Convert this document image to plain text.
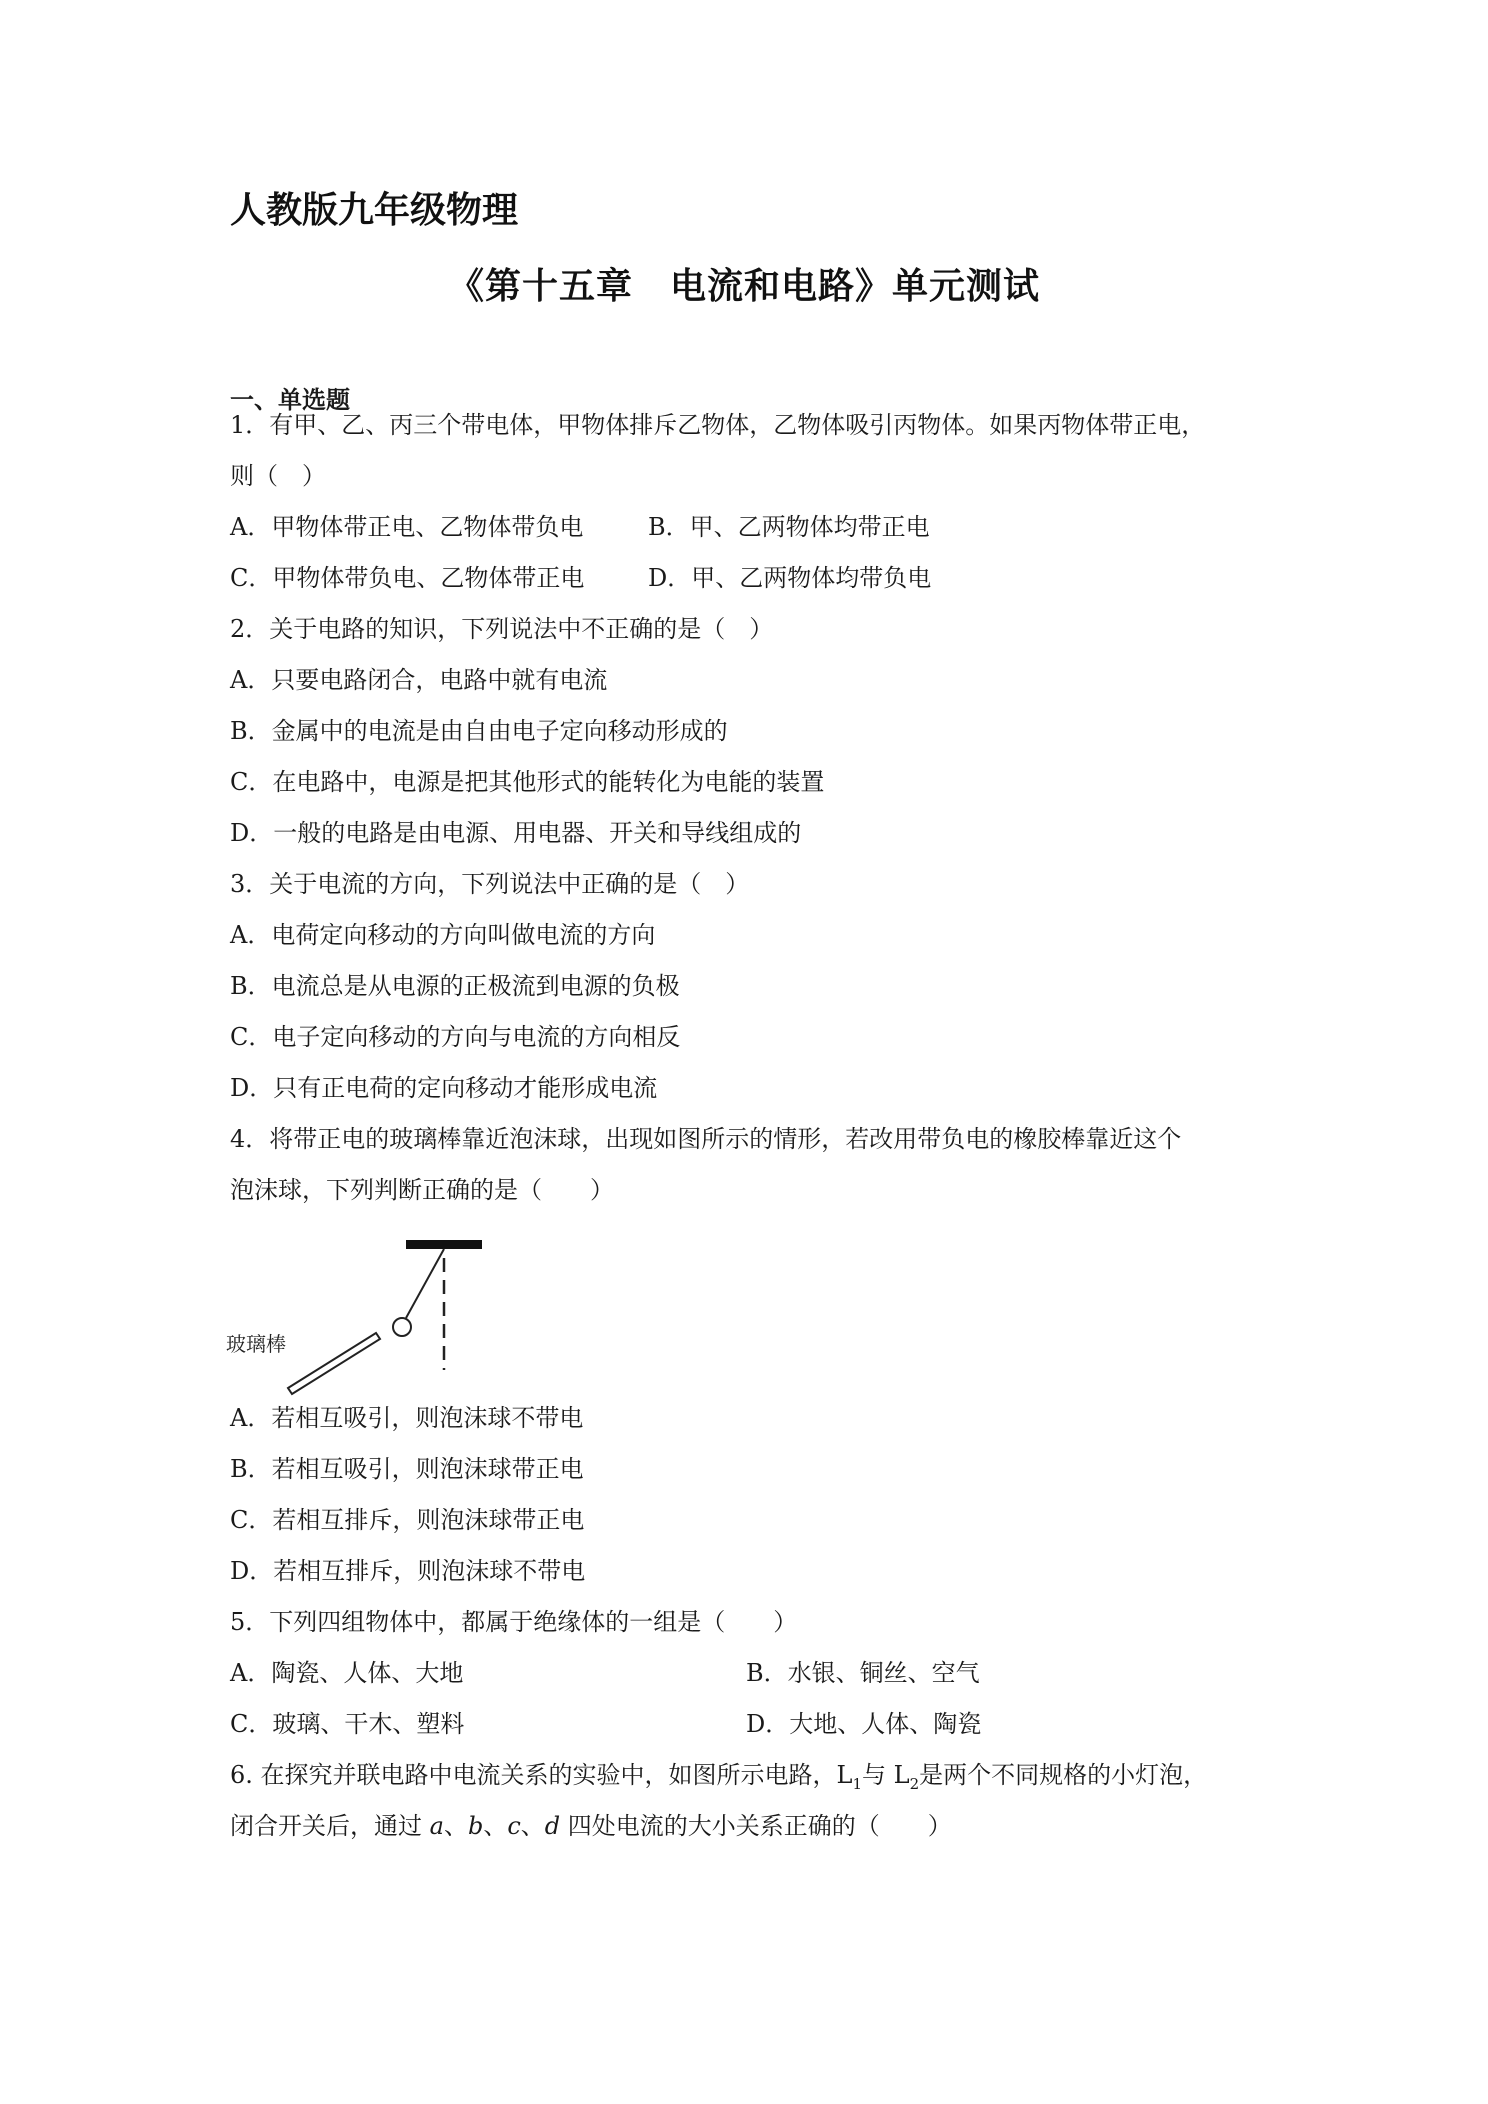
人教版九年级物理
《第十五章　电流和电路》单元测试
一、单选题
1．有甲、乙、丙三个带电体，甲物体排斥乙物体，乙物体吸引丙物体。如果丙物体带正电，
则（　）
A．甲物体带正电、乙物体带负电	B．甲、乙两物体均带正电
C．甲物体带负电、乙物体带正电	D．甲、乙两物体均带负电
2．关于电路的知识，下列说法中不正确的是（　）
A．只要电路闭合，电路中就有电流
B．金属中的电流是由自由电子定向移动形成的
C．在电路中，电源是把其他形式的能转化为电能的装置
D．一般的电路是由电源、用电器、开关和导线组成的
3．关于电流的方向，下列说法中正确的是（　）
A．电荷定向移动的方向叫做电流的方向
B．电流总是从电源的正极流到电源的负极
C．电子定向移动的方向与电流的方向相反
D．只有正电荷的定向移动才能形成电流
4．将带正电的玻璃棒靠近泡沫球，出现如图所示的情形，若改用带负电的橡胶棒靠近这个
泡沫球，下列判断正确的是（　　）
玻璃棒
A．若相互吸引，则泡沫球不带电
B．若相互吸引，则泡沫球带正电
C．若相互排斥，则泡沫球带正电
D．若相互排斥，则泡沫球不带电
5．下列四组物体中，都属于绝缘体的一组是（　　）
A．陶瓷、人体、大地	B．水银、铜丝、空气
C．玻璃、干木、塑料	D．大地、人体、陶瓷
6. 在探究并联电路中电流关系的实验中，如图所示电路，$L_1$与 $L_2$是两个不同规格的小灯泡，
闭合开关后，通过 a、b、c、d 四处电流的大小关系正确的（　　）
